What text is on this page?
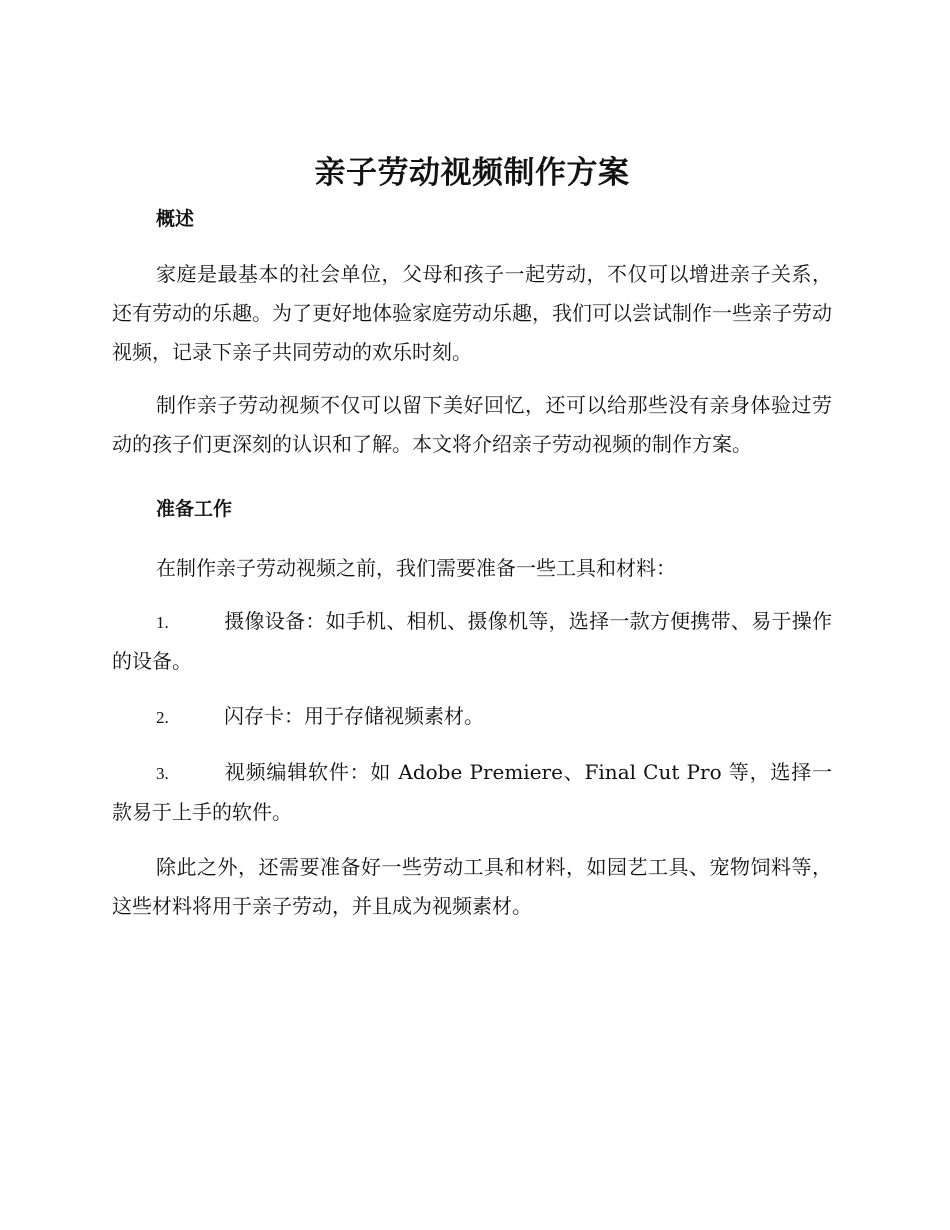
亲子劳动视频制作方案
概述

家庭是最基本的社会单位，父母和孩子一起劳动，不仅可以增进亲子关系，还有劳动的乐趣。为了更好地体验家庭劳动乐趣，我们可以尝试制作一些亲子劳动视频，记录下亲子共同劳动的欢乐时刻。

制作亲子劳动视频不仅可以留下美好回忆，还可以给那些没有亲身体验过劳动的孩子们更深刻的认识和了解。本文将介绍亲子劳动视频的制作方案。

准备工作

在制作亲子劳动视频之前，我们需要准备一些工具和材料：

1.	摄像设备：如手机、相机、摄像机等，选择一款方便携带、易于操作的设备。
2.	闪存卡：用于存储视频素材。
3.	视频编辑软件：如 Adobe Premiere、Final Cut Pro 等，选择一款易于上手的软件。

除此之外，还需要准备好一些劳动工具和材料，如园艺工具、宠物饲料等，这些材料将用于亲子劳动，并且成为视频素材。
